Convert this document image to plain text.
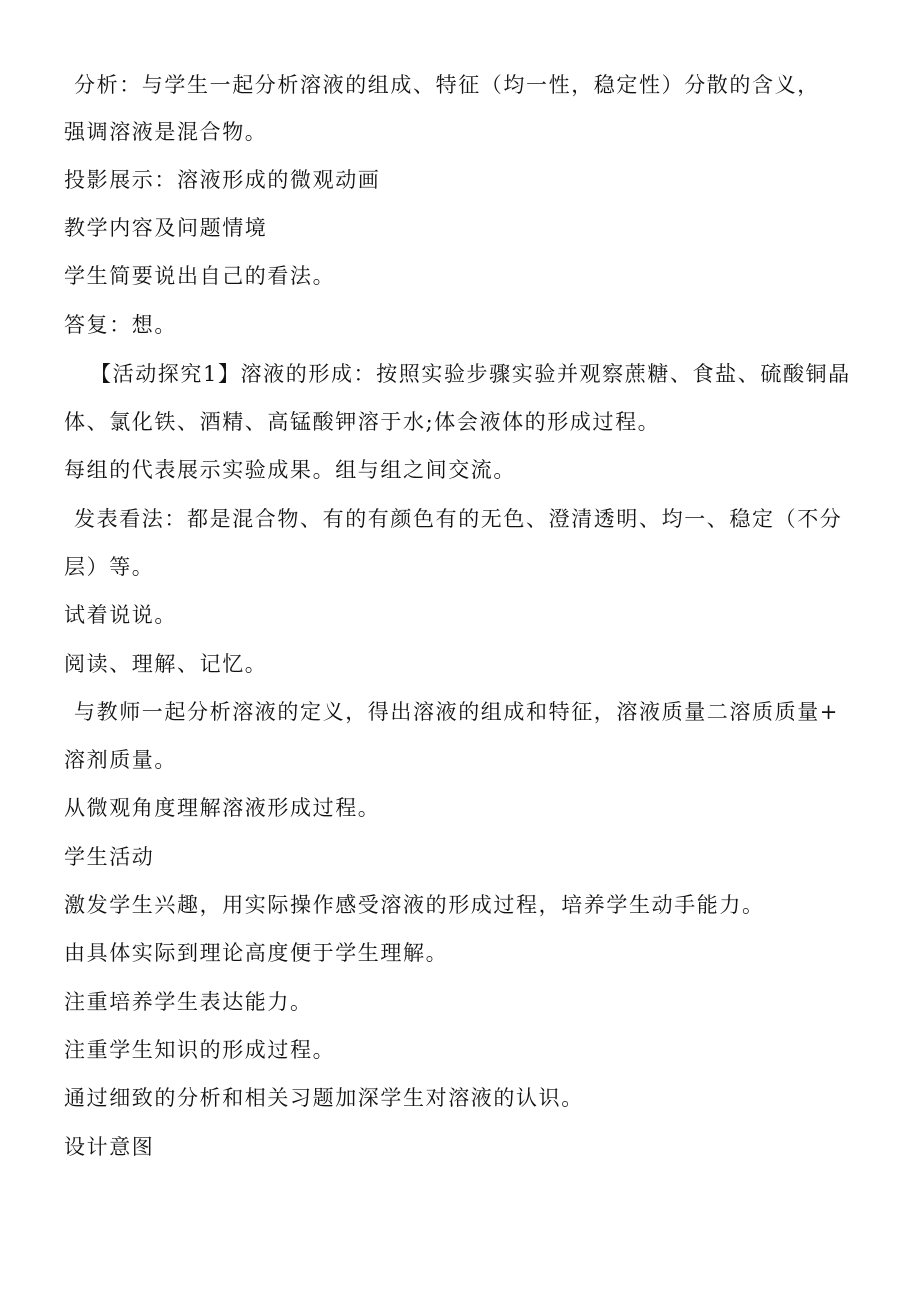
分析：与学生一起分析溶液的组成、特征（均一性，稳定性）分散的含义，
强调溶液是混合物。
投影展示：溶液形成的微观动画
教学内容及问题情境
学生简要说出自己的看法。
答复：想。
【活动探究1】溶液的形成：按照实验步骤实验并观察蔗糖、食盐、硫酸铜晶
体、氯化铁、酒精、高锰酸钾溶于水;体会液体的形成过程。
每组的代表展示实验成果。组与组之间交流。
发表看法：都是混合物、有的有颜色有的无色、澄清透明、均一、稳定（不分
层）等。
试着说说。
阅读、理解、记忆。
与教师一起分析溶液的定义，得出溶液的组成和特征，溶液质量二溶质质量+
溶剂质量。
从微观角度理解溶液形成过程。
学生活动
激发学生兴趣，用实际操作感受溶液的形成过程，培养学生动手能力。
由具体实际到理论高度便于学生理解。
注重培养学生表达能力。
注重学生知识的形成过程。
通过细致的分析和相关习题加深学生对溶液的认识。
设计意图
